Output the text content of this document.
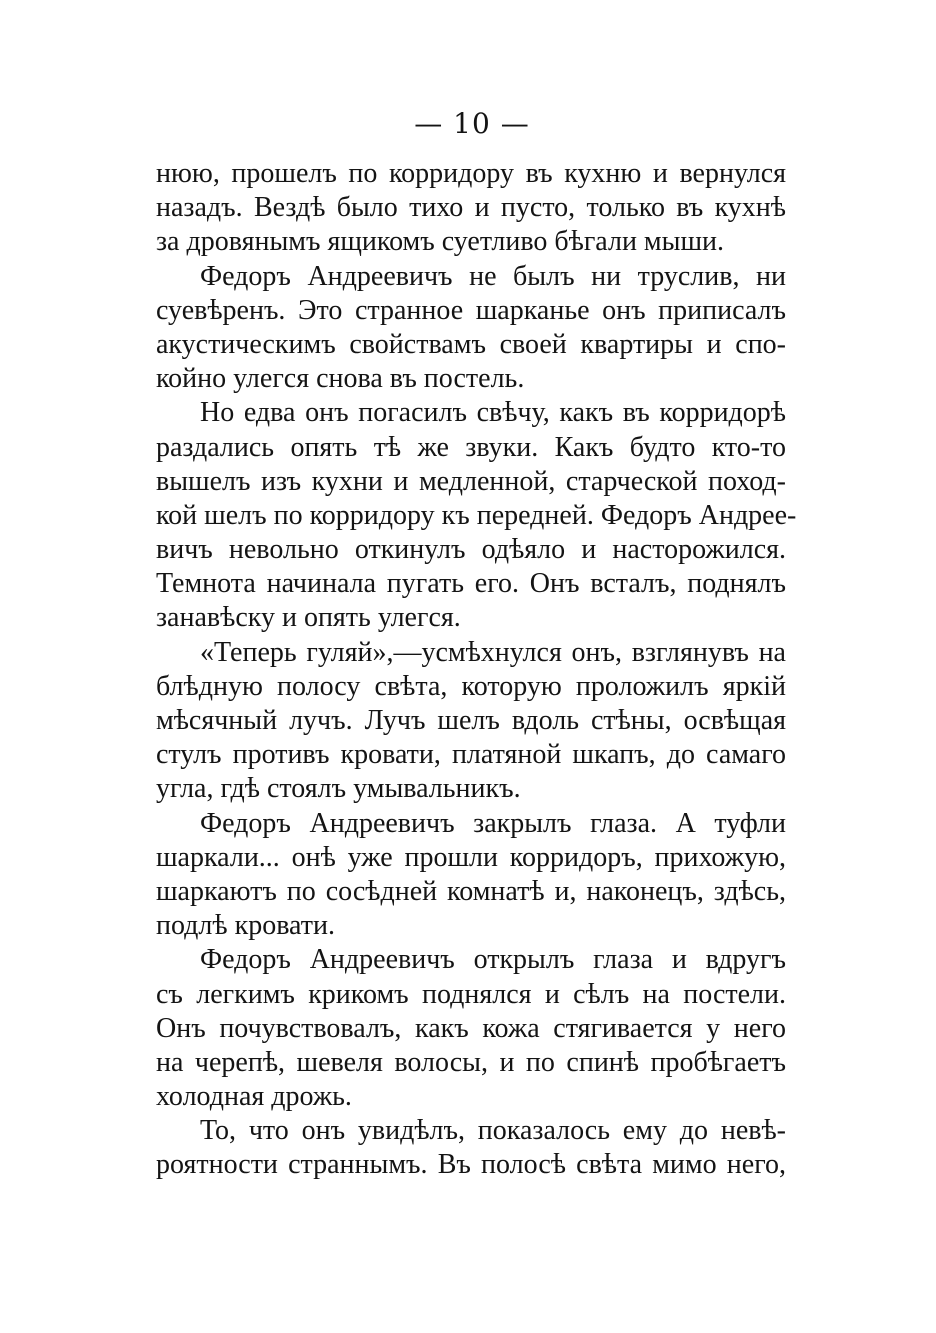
— 10 —
нюю, прошелъ по корридору въ кухню и вернулся
назадъ. Вездѣ было тихо и пусто, только въ кухнѣ
за дровянымъ ящикомъ суетливо бѣгали мыши.
Федоръ Андреевичъ не былъ ни труслив, ни
суевѣренъ. Это странное шарканье онъ приписалъ
акустическимъ свойствамъ своей квартиры и спо-
койно улегся снова въ постель.
Но едва онъ погасилъ свѣчу, какъ въ корридорѣ
раздались опять тѣ же звуки. Какъ будто кто-то
вышелъ изъ кухни и медленной, старческой поход-
кой шелъ по корридору къ передней. Федоръ Андрее-
вичъ невольно откинулъ одѣяло и насторожился.
Темнота начинала пугать его. Онъ всталъ, поднялъ
занавѣску и опять улегся.
«Теперь гуляй»,—усмѣхнулся онъ, взглянувъ на
блѣдную полосу свѣта, которую проложилъ яркій
мѣсячный лучъ. Лучъ шелъ вдоль стѣны, освѣщая
стулъ противъ кровати, платяной шкапъ, до самаго
угла, гдѣ стоялъ умывальникъ.
Федоръ Андреевичъ закрылъ глаза. А туфли
шаркали... онѣ уже прошли корридоръ, прихожую,
шаркаютъ по сосѣдней комнатѣ и, наконецъ, здѣсь,
подлѣ кровати.
Федоръ Андреевичъ открылъ глаза и вдругъ
съ легкимъ крикомъ поднялся и сѣлъ на постели.
Онъ почувствовалъ, какъ кожа стягивается у него
на черепѣ, шевеля волосы, и по спинѣ пробѣгаетъ
холодная дрожь.
То, что онъ увидѣлъ, показалось ему до невѣ-
роятности страннымъ. Въ полосѣ свѣта мимо него,
